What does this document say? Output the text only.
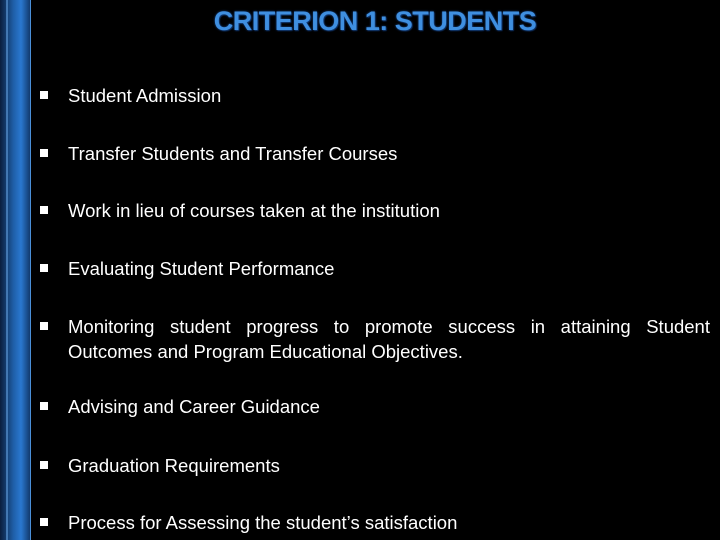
CRITERION 1: STUDENTS
Student Admission
Transfer Students and Transfer Courses
Work in lieu of courses taken at the institution
Evaluating Student Performance
Monitoring student progress to promote success in attaining Student Outcomes and Program Educational Objectives.
Advising and Career Guidance
Graduation Requirements
Process for Assessing the student’s satisfaction
